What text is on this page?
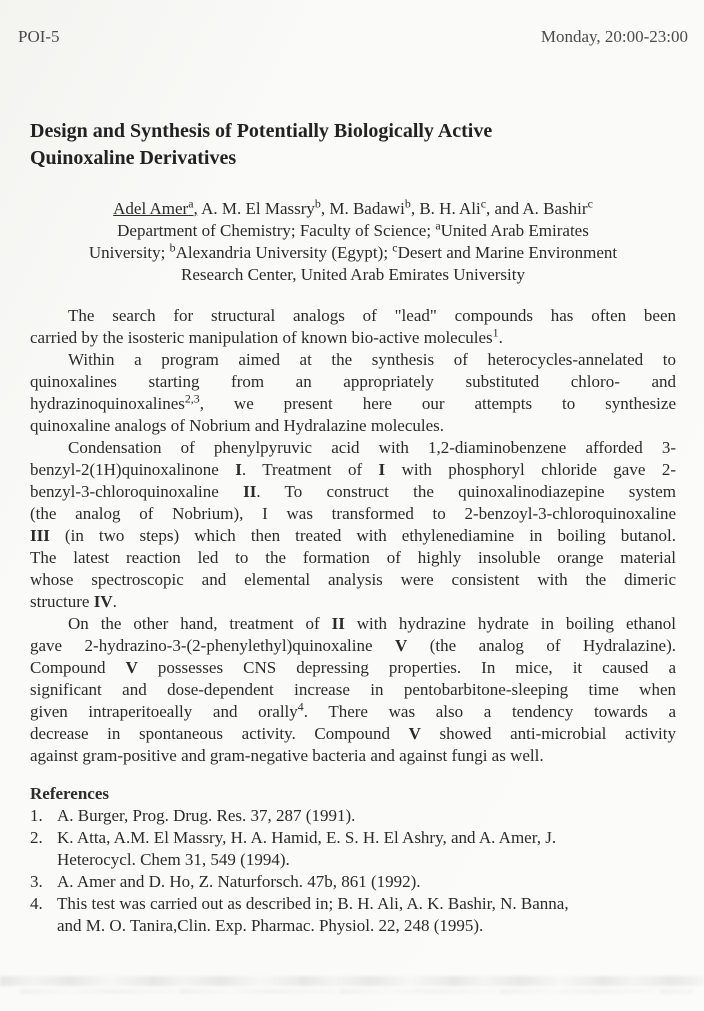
POI-5	Monday, 20:00-23:00
Design and Synthesis of Potentially Biologically Active
Quinoxaline Derivatives
Adel Amer$^a$, A. M. El Massry$^b$, M. Badawi$^b$, B. H. Ali$^c$, and A. Bashir$^c$
Department of Chemistry; Faculty of Science; $^a$United Arab Emirates
University; $^b$Alexandria University (Egypt); $^c$Desert and Marine Environment
Research Center, United Arab Emirates University
The search for structural analogs of "lead" compounds has often been
carried by the isosteric manipulation of known bio-active molecules$^1$.
Within a program aimed at the synthesis of heterocycles-annelated to
quinoxalines starting from an appropriately substituted chloro- and
hydrazinoquinoxalines$^{2,3}$, we present here our attempts to synthesize
quinoxaline analogs of Nobrium and Hydralazine molecules.
Condensation of phenylpyruvic acid with 1,2-diaminobenzene afforded 3-
benzyl-2(1H)quinoxalinone I. Treatment of I with phosphoryl chloride gave 2-
benzyl-3-chloroquinoxaline II. To construct the quinoxalinodiazepine system
(the analog of Nobrium), I was transformed to 2-benzoyl-3-chloroquinoxaline
III (in two steps) which then treated with ethylenediamine in boiling butanol.
The latest reaction led to the formation of highly insoluble orange material
whose spectroscopic and elemental analysis were consistent with the dimeric
structure IV.
On the other hand, treatment of II with hydrazine hydrate in boiling ethanol
gave 2-hydrazino-3-(2-phenylethyl)quinoxaline V (the analog of Hydralazine).
Compound V possesses CNS depressing properties. In mice, it caused a
significant and dose-dependent increase in pentobarbitone-sleeping time when
given intraperitoeally and orally$^4$. There was also a tendency towards a
decrease in spontaneous activity. Compound V showed anti-microbial activity
against gram-positive and gram-negative bacteria and against fungi as well.
References
1. A. Burger, Prog. Drug. Res. 37, 287 (1991).
2. K. Atta, A.M. El Massry, H. A. Hamid, E. S. H. El Ashry, and A. Amer, J.
Heterocycl. Chem 31, 549 (1994).
3. A. Amer and D. Ho, Z. Naturforsch. 47b, 861 (1992).
4. This test was carried out as described in; B. H. Ali, A. K. Bashir, N. Banna,
and M. O. Tanira,Clin. Exp. Pharmac. Physiol. 22, 248 (1995).
